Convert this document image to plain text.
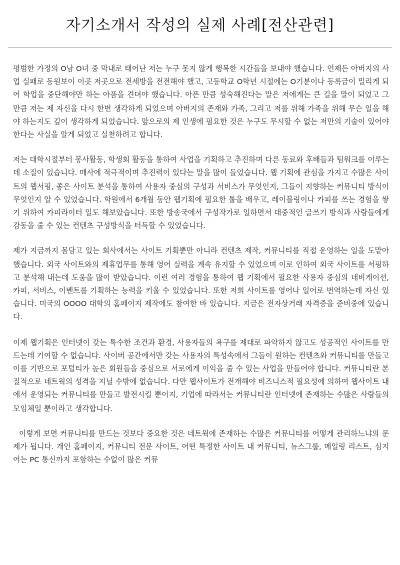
자기소개서 작성의 실제 사례[전산관련]

평범한 가정의 O남 O녀 중 막내로 태어난 저는 누구 못지 않게 행복한 시간들을 보내야 했습니다. 언제든 아버지의 사업 실패로 동원보이 이곳 저곳으로 전세방을 전전해야 했고, 고등학교 O학년 시절에는 O기분이나 등록금이 밀리게 되어 학업을 중단해야만 하는 아픔을 견뎌야 했습니다. 아픈 만큼 성숙해진다는 말은 저에게는 큰 길을 말이 되었고 그 만큼 저는 제 자신을 다시 한번 생각하게 되었으며 아버지의 존재와 가족, 그리고 저를 위해 가족을 위해 무슨 일을 해야 하는지도 깊이 생각하게 되었습니다. 앞으로의 제 인생에 필요한 것은 누구도 무시할 수 없는 저만의 기술이 있어야 한다는 사실을 알게 되었고 실천하려고 합니다.

저는 대학시절부터 봉사활동, 학생회 활동을 통하여 사업을 기획하고 추진하며 다른 동료와 후배들과 팀워크를 이루는데 소질이 있습니다. 매사에 적극적이며 추진력이 있다는 말을 많이 들었습니다. 웹 기획에 관심을 가지고 수많은 사이트의 웹서핑, 좋은 사이트 분석을 통하여 사용자 중심의 구성과 서비스가 무엇인지, 그들이 지향하는 커뮤니티 방식이 무엇인지 알 수 있었습니다. 학원에서 6개월 동안 웹기획에 필요한 툴을 배우고, 레이블링이나 카피를 쓰는 경험을 쌓기 위하여 카피라이터 일도 해보았습니다. 또한 방송국에서 구성작가로 일하면서 대중적인 글쓰기 방식과 사람들에게 감동을 줄 수 있는 컨텐츠 구성방식을 터득할 수 있었습니다.

제가 지금까지 몸담고 있는 회사에서는 사이트 기획뿐만 아니라 컨텐츠 제작, 커뮤니티를 직접 운영하는 일을 도맡아 했습니다. 외국 사이트와의 제휴업무를 통해 영어 실력을 계속 유지할 수 있었으며 이로 인하여 외국 사이트를 서핑하고 분석해 내는데 도움을 많이 받았습니다. 이런 여러 경험을 통하여 웹 기획에서 필요한 사용자 중심의 네비게이션, 카피, 서비스, 이벤트를 기획하는 능력을 키울 수 있었습니다. 또한 저희 사이트를 영어나 일어로 번역하는데 자신 있습니다. 미국의 OOOO 대학의 홈페이지 제작에도 참여한 바 있습니다. 지금은 전자상거래 자격증을 준비중에 있습니다.

이제 웹기획은 인터넷이 갖는 특수한 조건과 환경, 사용자들의 욕구를 제대로 파악하지 않고도 성공적인 사이트를 만드는데 기여할 수 없습니다. 사이버 공간에서만 갖는 사용자의 특성속에서 그들이 원하는 컨텐츠와 커뮤니티를 만들고 이를 기반으로 포털티가 높은 회원들을 중심으로 서로에게 이익을 줄 수 있는 사업을 만들어야 합니다. 커뮤니티란 본질적으로 네트웍의 성격을 지닐 수밖에 없습니다. 다만 웹사이트가 전개해야 비즈니스적 필요성에 의하여 웹사이트 내에서 운영되는 커뮤니티를 만들고 발전시킬 뿐이지, 기업에 따라서는 커뮤니티란 인터넷에 존재하는 수많은 사람들의 모임체일 뿐이라고 생각합니다.

이렇게 보면 커뮤니티를 만드는 것보다 중요한 것은 네트웍에 존재하는 수많은 커뮤니티를 어떻게 관리하느냐의 문제가 됩니다. 개인 홈페이지, 커뮤니티 전문 사이트, 어떤 특정한 사이트 내 커뮤니티, 뉴스그룹, 메일링 리스트, 심지어는 PC 통신까지 포함하는 수없이 많은 커뮤
